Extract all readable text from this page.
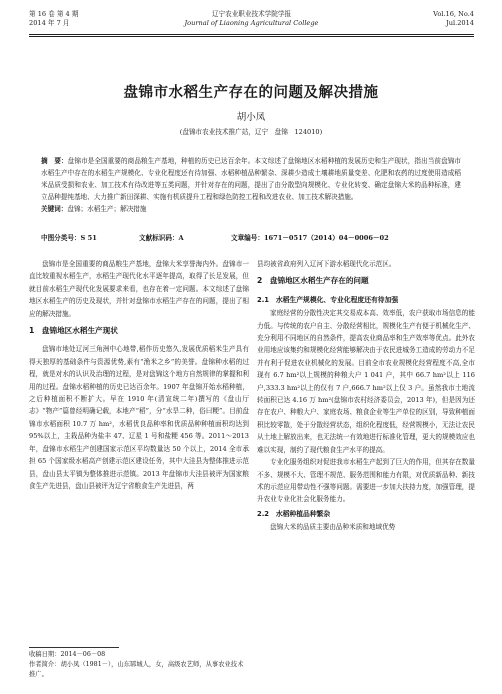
第 16 卷 第 4 期
2014 年 7 月
辽宁农业职业技术学院学报
Journal of Liaoning Agricultural College
Vol.16, No.4
Jul.2014
盘锦市水稻生产存在的问题及解决措施
胡小凤
(盘锦市农业技术推广站，辽宁　盘锦　124010)
摘　要：盘锦市是全国重要的商品粮生产基地，种植的历史已达百余年。本文综述了盘锦地区水稻种植的发展历史和生产现状，指出当前盘锦市水稻生产中存在的水稻生产规模化、专业化程度还有待加强、水稻种植品种繁杂、深耕少造成土壤耕地质量变差、化肥和农药的过度使用造成稻米品质受损和农业、加工技术有待改进等五类问题，并针对存在的问题，提出了由分散型向规模化、专业化转变、确定盘锦大米的品种标准，建立品种提纯基地、大力推广新田深耕、实施有机质提升工程和绿色防控工程和改进农业、加工技术解决措施。
关键词：盘锦；水稻生产；解决措施
中图分类号：S 51	文献标识码：A	文章编号：1671－0517（2014）04－0006－02

盘锦市是全国重要的商品粮生产基地，盘锦大米享誉海内外。盘锦市一直比较重视水稻生产，水稻生产现代化水平逐年提高，取得了长足发展，但就目前水稻生产现代化发展要求来看，也存在着一定问题。本文综述了盘锦地区水稻生产的历史及现状，并针对盘锦市水稻生产存在的问题，提出了相应的解决措施。

1　盘锦地区水稻生产现状

盘锦市地处辽河三角洲中心地带,稻作历史悠久,发展优质稻米生产具有得天独厚的基础条件与资源优势,素有“渔米之乡”的美誉。盘锦种水稻的过程，就是对水的认识及治理的过程，是对盘锦这个地方自然规律的掌握和利用的过程。盘锦水稻种植的历史已达百余年。1907 年盘锦开始水稻种植，之后种植面积不断扩大。早在 1910 年(清宣统二年)撰写的《盘山厅志》“物产”篇曾经明确记载，本地产“稻”，分“水旱二种，俗曰粳”。目前盘锦市水稻面积 10.7 万 hm²，水稻优良品种率和优质品种种植面积均达到 95%以上，主栽品种为盐丰 47、辽星 1 号和盐粳 456 等。2011～2013 年，盘锦市水稻生产创建国家示范区平均数量达 50 个以上，2014 全市承担 65 个国家级水稻高产创建示范区建设任务，其中大洼县为整体推进示范县，盘山县太平镇为整体推进示范镇。2013 年盘锦市大洼县被评为国家粮食生产先进县，盘山县被评为辽宁省粮食生产先进县，两

县均被省政府列入辽河下游水稻现代化示范区。

2　盘锦地区水稻生产存在的问题
2.1　水稻生产规模化、专业化程度还有待加强

家庭经营的分散性决定其交易成本高、效率低，农户获取市场信息的能力低。与传统的农户自主、分散经营相比，规模化生产有便于机械化生产、充分利用不同地区的自然条件，提高农业商品率和生产效率等优点。此外农业用地应该集约和规模化经营能够解决由于农民进城务工造成的劳动力不足并有利于促进农业机械化的发展。目前全市农业规模化经营程度不高,全市现有 6.7 hm²以上规模的种粮大户 1 041 户，其中 66.7 hm²以上 116 户,333.3 hm²以上的仅有 7 户,666.7 hm²以上仅 3 户。虽然我市土地流转面积已达 4.16 万 hm²(盘锦市农村经济委员会，2013 年)，但是因为还存在农户、种粮大户、家庭农场、粮食企业等生产单位的区别，导致种植面积比较零散，处于分散经营状态，组织化程度低，经营规模小，无法让农民从土地上解放出来，也无法统一有效地进行标准化管理，更大的规模效应也难以实现，制约了现代粮食生产水平的提高。

专业化服务组织对促进我市水稻生产起到了巨大的作用，但其存在数量不多、规模不大、管理不规范、服务范围和能力有限，对优质新品种、新技术的示范应用带动性不强等问题。需要进一步加大扶持力度，加强管理，提升农业专业化社会化服务能力。

2.2　水稻种植品种繁杂

盘锦大米的品质主要由品种米质和地域优势

收稿日期：2014－06－08
作者简介：胡小凤（1981－），山东郓城人，女，高级农艺师，从事农业技术推广。
